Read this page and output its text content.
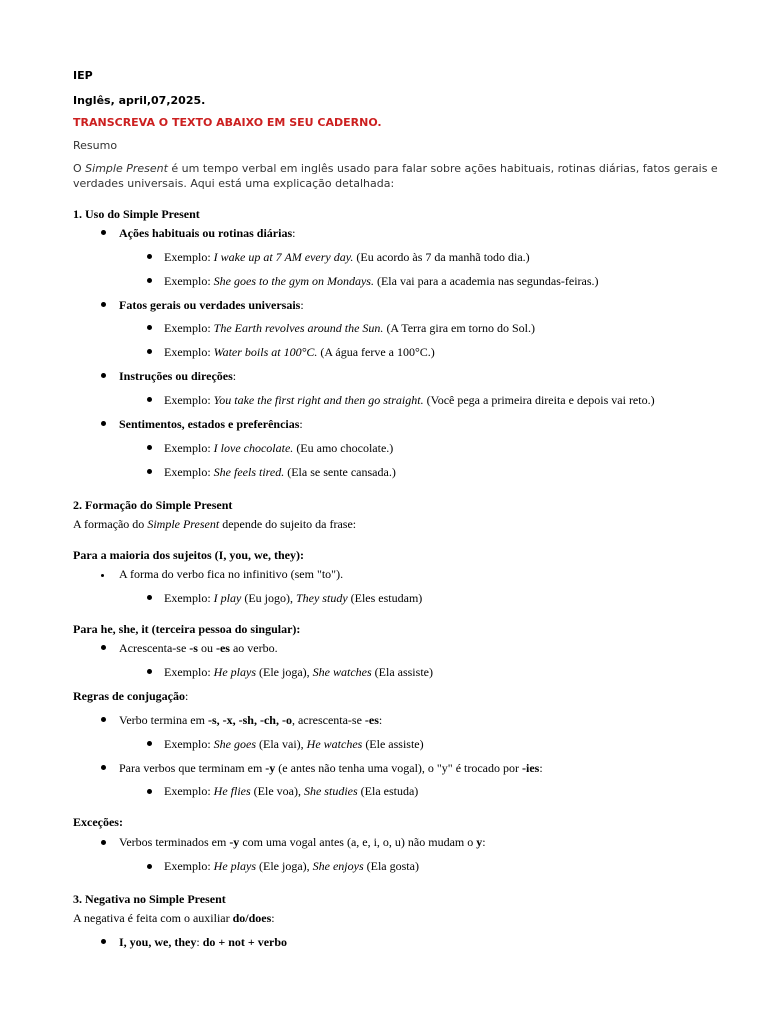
IEP
Inglês, april,07,2025.
TRANSCREVA O TEXTO ABAIXO EM SEU CADERNO.
Resumo
O Simple Present é um tempo verbal em inglês usado para falar sobre ações habituais, rotinas diárias, fatos gerais e
verdades universais. Aqui está uma explicação detalhada:
1. Uso do Simple Present
Ações habituais ou rotinas diárias:
Exemplo: I wake up at 7 AM every day. (Eu acordo às 7 da manhã todo dia.)
Exemplo: She goes to the gym on Mondays. (Ela vai para a academia nas segundas-feiras.)
Fatos gerais ou verdades universais:
Exemplo: The Earth revolves around the Sun. (A Terra gira em torno do Sol.)
Exemplo: Water boils at 100°C. (A água ferve a 100°C.)
Instruções ou direções:
Exemplo: You take the first right and then go straight. (Você pega a primeira direita e depois vai reto.)
Sentimentos, estados e preferências:
Exemplo: I love chocolate. (Eu amo chocolate.)
Exemplo: She feels tired. (Ela se sente cansada.)
2. Formação do Simple Present
A formação do Simple Present depende do sujeito da frase:
Para a maioria dos sujeitos (I, you, we, they):
A forma do verbo fica no infinitivo (sem "to").
Exemplo: I play (Eu jogo), They study (Eles estudam)
Para he, she, it (terceira pessoa do singular):
Acrescenta-se -s ou -es ao verbo.
Exemplo: He plays (Ele joga), She watches (Ela assiste)
Regras de conjugação:
Verbo termina em -s, -x, -sh, -ch, -o, acrescenta-se -es:
Exemplo: She goes (Ela vai), He watches (Ele assiste)
Para verbos que terminam em -y (e antes não tenha uma vogal), o "y" é trocado por -ies:
Exemplo: He flies (Ele voa), She studies (Ela estuda)
Exceções:
Verbos terminados em -y com uma vogal antes (a, e, i, o, u) não mudam o y:
Exemplo: He plays (Ele joga), She enjoys (Ela gosta)
3. Negativa no Simple Present
A negativa é feita com o auxiliar do/does:
I, you, we, they: do + not + verbo
